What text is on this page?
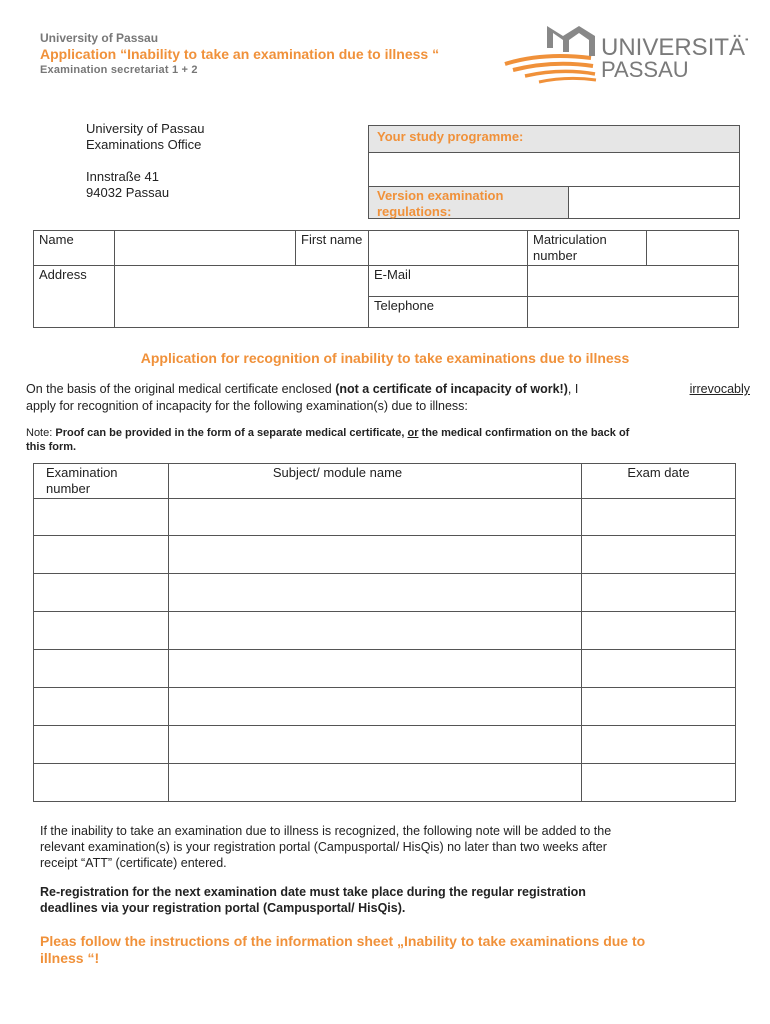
University of Passau
Application “Inability to take an examination due to illness “
Examination secretariat 1 + 2
UNIVERSITÄT
PASSAU
University of Passau
Examinations Office
Innstraße 41
94032 Passau
Your study programme:
Version examination
regulations:
Name		First name		Matriculation
number	

Address			E-Mail		

			Telephone		

Application for recognition of inability to take examinations due to illness
On the basis of the original medical certificate enclosed (not a certificate of incapacity of work!), I	irrevocably
apply for recognition of incapacity for the following examination(s) due to illness:
Note: Proof can be provided in the form of a separate medical certificate, or the medical confirmation on the back of
this form.
Examination
number	Subject/ module name	Exam date

If the inability to take an examination due to illness is recognized, the following note will be added to the
relevant examination(s) is your registration portal (Campusportal/ HisQis) no later than two weeks after
receipt “ATT” (certificate) entered.
Re-registration for the next examination date must take place during the regular registration
deadlines via your registration portal (Campusportal/ HisQis).
Pleas follow the instructions of the information sheet „Inability to take examinations due to
illness “!
